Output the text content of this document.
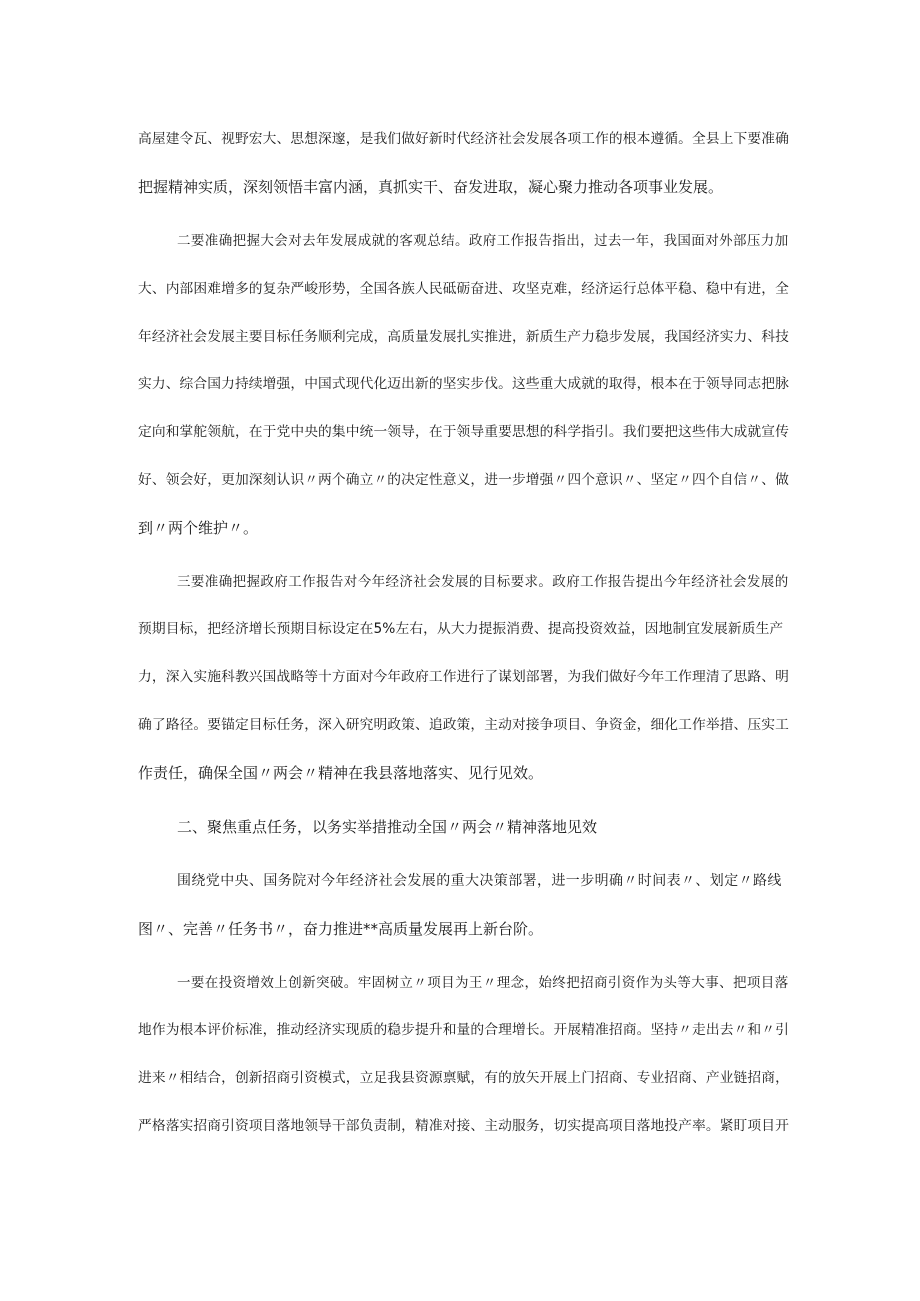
高屋建令瓦、视野宏大、思想深邃，是我们做好新时代经济社会发展各项工作的根本遵循。全县上下要准确
把握精神实质，深刻领悟丰富内涵，真抓实干、奋发进取，凝心聚力推动各项事业发展。
二要准确把握大会对去年发展成就的客观总结。政府工作报告指出，过去一年，我国面对外部压力加
大、内部困难增多的复杂严峻形势，全国各族人民砥砺奋进、攻坚克难，经济运行总体平稳、稳中有进，全
年经济社会发展主要目标任务顺利完成，高质量发展扎实推进，新质生产力稳步发展，我国经济实力、科技
实力、综合国力持续增强，中国式现代化迈出新的坚实步伐。这些重大成就的取得，根本在于领导同志把脉
定向和掌舵领航，在于党中央的集中统一领导，在于领导重要思想的科学指引。我们要把这些伟大成就宣传
好、领会好，更加深刻认识〃两个确立〃的决定性意义，进一步增强〃四个意识〃、坚定〃四个自信〃、做
到〃两个维护〃。
三要准确把握政府工作报告对今年经济社会发展的目标要求。政府工作报告提出今年经济社会发展的
预期目标，把经济增长预期目标设定在5%左右，从大力提振消费、提高投资效益，因地制宜发展新质生产
力，深入实施科教兴国战略等十方面对今年政府工作进行了谋划部署，为我们做好今年工作理清了思路、明
确了路径。要锚定目标任务，深入研究明政策、追政策，主动对接争项目、争资金，细化工作举措、压实工
作责任，确保全国〃两会〃精神在我县落地落实、见行见效。
二、聚焦重点任务，以务实举措推动全国〃两会〃精神落地见效
围绕党中央、国务院对今年经济社会发展的重大决策部署，进一步明确〃时间表〃、划定〃路线
图〃、完善〃任务书〃，奋力推进**高质量发展再上新台阶。
一要在投资增效上创新突破。牢固树立〃项目为王〃理念，始终把招商引资作为头等大事、把项目落
地作为根本评价标准，推动经济实现质的稳步提升和量的合理增长。开展精准招商。坚持〃走出去〃和〃引
进来〃相结合，创新招商引资模式，立足我县资源禀赋，有的放矢开展上门招商、专业招商、产业链招商，
严格落实招商引资项目落地领导干部负责制，精准对接、主动服务，切实提高项目落地投产率。紧盯项目开
